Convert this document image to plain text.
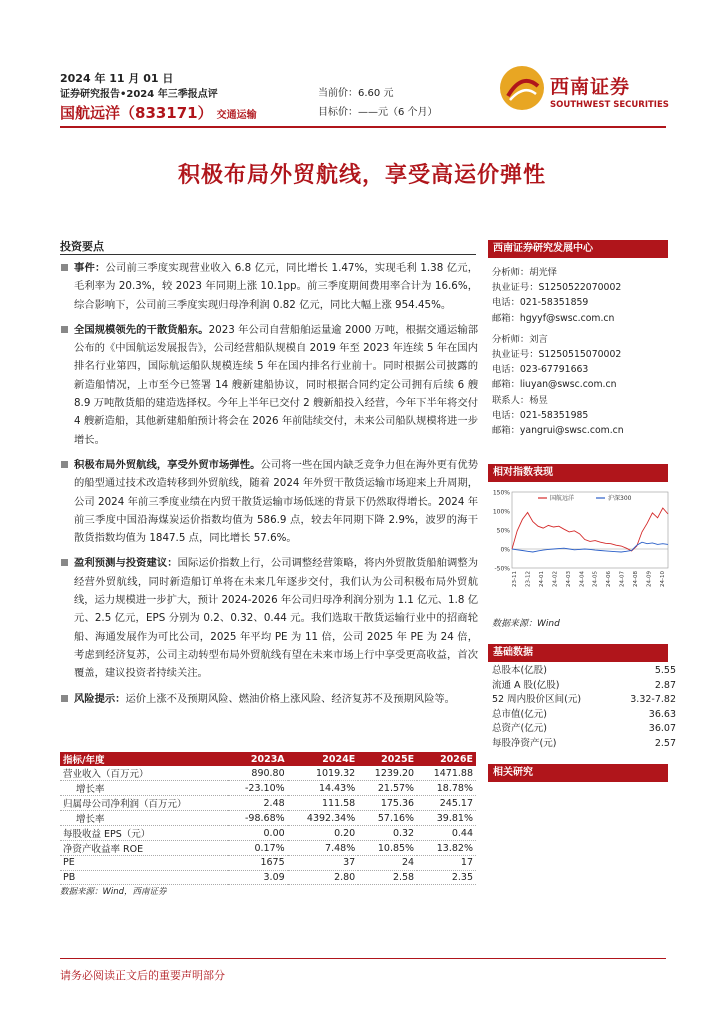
2024 年 11 月 01 日
证券研究报告•2024 年三季报点评
国航远洋（833171） 交通运输
当前价：6.60 元
目标价：——元（6 个月）
西南证券
SOUTHWEST SECURITIES
积极布局外贸航线，享受高运价弹性
投资要点
事件：公司前三季度实现营业收入 6.8 亿元，同比增长 1.47%，实现毛利 1.38 亿元，毛利率为 20.3%，较 2023 年同期上涨 10.1pp。前三季度期间费用率合计为 16.6%，综合影响下，公司前三季度实现归母净利润 0.82 亿元，同比大幅上涨 954.45%。
全国规模领先的干散货船东。2023 年公司自营船舶运量逾 2000 万吨，根据交通运输部公布的《中国航运发展报告》，公司经营船队规模自 2019 年至 2023 年连续 5 年在国内排名行业第四，国际航运船队规模连续 5 年在国内排名行业前十。同时根据公司披露的新造船情况，上市至今已签署 14 艘新建船协议，同时根据合同约定公司拥有后续 6 艘 8.9 万吨散货船的建造选择权。今年上半年已交付 2 艘新船投入经营，今年下半年将交付 4 艘新造船，其他新建船舶预计将会在 2026 年前陆续交付，未来公司船队规模将进一步增长。
积极布局外贸航线，享受外贸市场弹性。公司将一些在国内缺乏竞争力但在海外更有优势的船型通过技术改造转移到外贸航线，随着 2024 年外贸干散货运输市场迎来上升周期，公司 2024 年前三季度业绩在内贸干散货运输市场低迷的背景下仍然取得增长。2024 年前三季度中国沿海煤炭运价指数均值为 586.9 点，较去年同期下降 2.9%，波罗的海干散货指数均值为 1847.5 点，同比增长 57.6%。
盈利预测与投资建议：国际运价指数上行，公司调整经营策略，将内外贸散货船舶调整为经营外贸航线，同时新造船订单将在未来几年逐步交付，我们认为公司积极布局外贸航线，运力规模进一步扩大，预计 2024-2026 年公司归母净利润分别为 1.1 亿元、1.8 亿元、2.5 亿元，EPS 分别为 0.2、0.32、0.44 元。我们选取干散货运输行业中的招商轮船、海通发展作为可比公司，2025 年平均 PE 为 11 倍，公司 2025 年 PE 为 24 倍，考虑到经济复苏，公司主动转型布局外贸航线有望在未来市场上行中享受更高收益，首次覆盖，建议投资者持续关注。
风险提示：运价上涨不及预期风险、燃油价格上涨风险、经济复苏不及预期风险等。
西南证券研究发展中心
分析师：胡光怿
执业证号：S1250522070002
电话：021-58351859
邮箱：hgyyf@swsc.com.cn
分析师：刘言
执业证号：S1250515070002
电话：023-67791663
邮箱：liuyan@swsc.com.cn
联系人：杨昱
电话：021-58351985
邮箱：yangrui@swsc.com.cn
相对指数表现
150%
100%
50%
0%
-50%
23-11 23-12 24-01 24-02 24-03 24-04 24-05 24-06 24-07 24-08 24-09 24-10
国航远洋	沪深300
数据来源：Wind
基础数据
总股本(亿股)	5.55
流通 A 股(亿股)	2.87
52 周内股价区间(元)	3.32-7.82
总市值(亿元)	36.63
总资产(亿元)	36.07
每股净资产(元)	2.57
相关研究
指标/年度	2023A	2024E	2025E	2026E
营业收入（百万元）	890.80	1019.32	1239.20	1471.88
增长率	-23.10%	14.43%	21.57%	18.78%
归属母公司净利润（百万元）	2.48	111.58	175.36	245.17
增长率	-98.68%	4392.34%	57.16%	39.81%
每股收益 EPS（元）	0.00	0.20	0.32	0.44
净资产收益率 ROE	0.17%	7.48%	10.85%	13.82%
PE	1675	37	24	17
PB	3.09	2.80	2.58	2.35
数据来源：Wind，西南证券
请务必阅读正文后的重要声明部分
